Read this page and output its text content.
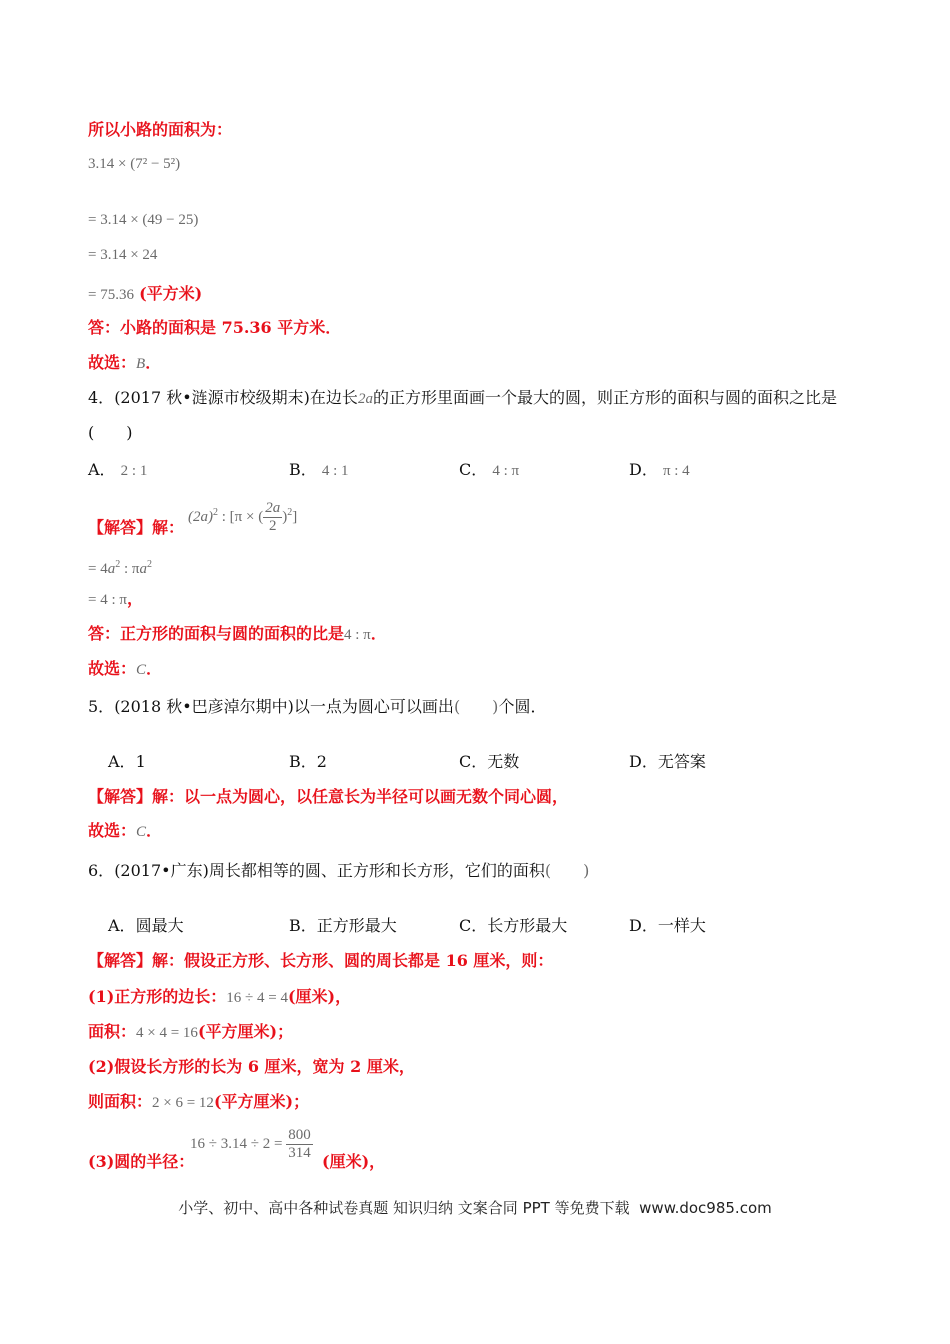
所以小路的面积为：
3.14 × (7² − 5²)
= 3.14 × (49 − 25)
= 3.14 × 24
= 75.36 (平方米)
答：小路的面积是 75.36 平方米．
故选：B．
4．(2017 秋•涟源市校级期末)在边长2a的正方形里面画一个最大的圆，则正方形的面积与圆的面积之比是
(　　)
A． 2 : 1	B． 4 : 1	C． 4 : π	D． π : 4
【解答】解：
$(2a)^2$ : [π × ( $\frac{2a}{2} )^2$]
= $4a^2$ : $\pi a^2$
= 4 : π，
答：正方形的面积与圆的面积的比是4 : π．
故选：C．
5．(2018 秋•巴彦淖尔期中)以一点为圆心可以画出(　　)个圆．
A．1	B．2	C．无数	D．无答案
【解答】解：以一点为圆心，以任意长为半径可以画无数个同心圆，
故选：C．
6．(2017•广东)周长都相等的圆、正方形和长方形，它们的面积(　　)
A．圆最大	B．正方形最大	C．长方形最大	D．一样大
【解答】解：假设正方形、长方形、圆的周长都是 16 厘米，则：
(1)正方形的边长：16 ÷ 4 = 4(厘米)，
面积：4 × 4 = 16(平方厘米)；
(2)假设长方形的长为 6 厘米，宽为 2 厘米，
则面积：2 × 6 = 12(平方厘米)；
(3)圆的半径：
$16 \div 3.14 \div 2 = \frac{800}{314}$ (厘米)，
小学、初中、高中各种试卷真题 知识归纳 文案合同 PPT 等免费下载 www.doc985.com
